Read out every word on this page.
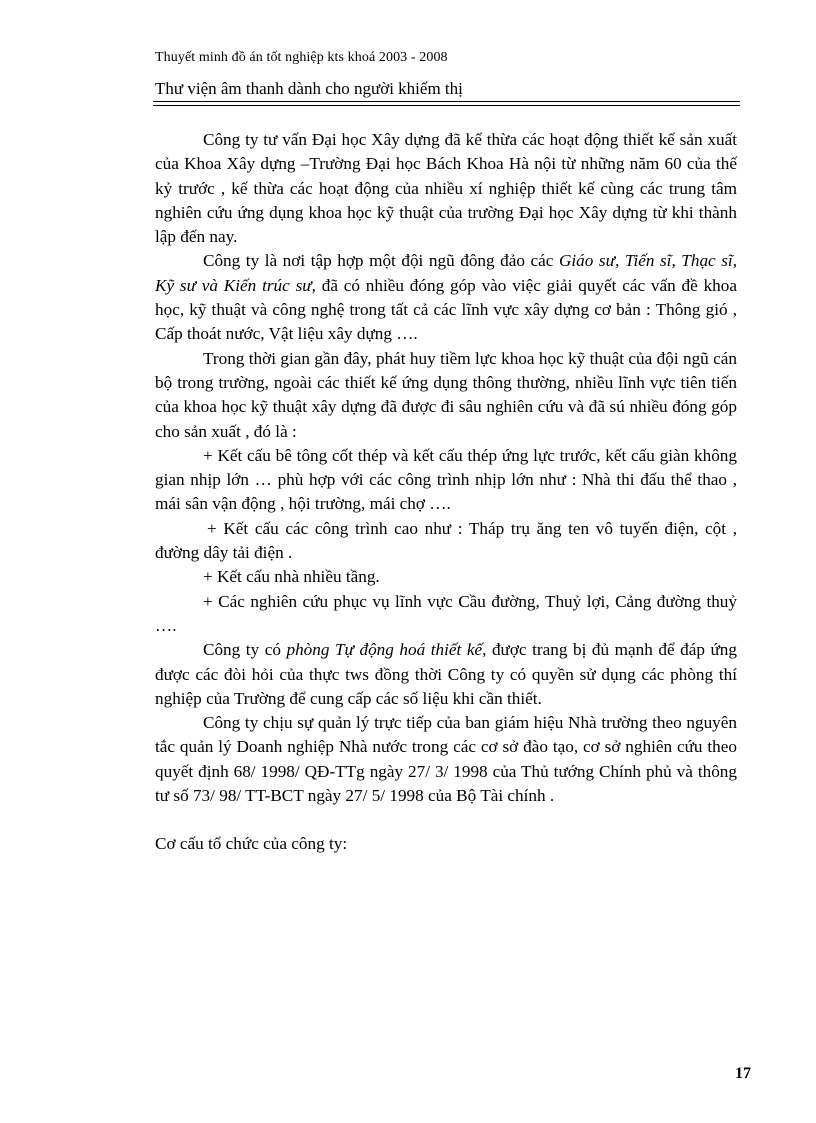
Thuyết minh đồ án tốt nghiệp kts khoá 2003 - 2008
Thư viện âm thanh dành cho người khiếm thị

Công ty tư vấn Đại học Xây dựng đã kế thừa các hoạt động thiết kế sản xuất của Khoa Xây dựng –Trường Đại học Bách Khoa Hà nội từ những năm 60 của thế kỷ trước , kế thừa các hoạt động của nhiều xí nghiệp thiết kế cùng các trung tâm nghiên cứu ứng dụng khoa học kỹ thuật của trường Đại học Xây dựng từ khi thành lập đến nay.

Công ty là nơi tập hợp một đội ngũ đông đảo các Giáo sư, Tiến sĩ, Thạc sĩ, Kỹ sư và Kiến trúc sư, đã có nhiều đóng góp vào việc giải quyết các vấn đề khoa học, kỹ thuật và công nghệ trong tất cả các lĩnh vực xây dựng cơ bản : Thông gió , Cấp thoát nước, Vật liệu xây dựng ….

Trong thời gian gần đây, phát huy tiềm lực khoa học kỹ thuật của đội ngũ cán bộ trong trường, ngoài các thiết kế ứng dụng thông thường, nhiều lĩnh vực tiên tiến của khoa học kỹ thuật xây dựng đã được đi sâu nghiên cứu và đã sú nhiều đóng góp cho sản xuất , đó là :

+ Kết cấu bê tông cốt thép và kết cấu thép ứng lực trước, kết cấu giàn không gian nhịp lớn … phù hợp với các công trình nhịp lớn như : Nhà thi đấu thể thao , mái sân vận động , hội trường, mái chợ ….

+ Kết cấu các công trình cao như : Tháp trụ ăng ten vô tuyến điện, cột , đường dây tải điện .

+ Kết cấu nhà nhiều tầng.

+ Các nghiên cứu phục vụ lĩnh vực Cầu đường, Thuỷ lợi, Cảng đường thuỷ ….

Công ty có phòng Tự động hoá thiết kế, được trang bị đủ mạnh để đáp ứng được các đòi hỏi của thực tws đồng thời Công ty có quyền sử dụng các phòng thí nghiệp của Trường để cung cấp các số liệu khi cần thiết.

Công ty chịu sự quản lý trực tiếp của ban giám hiệu Nhà trường theo nguyên tắc quản lý Doanh nghiệp Nhà nước trong các cơ sở đào tạo, cơ sở nghiên cứu theo quyết định 68/ 1998/ QĐ-TTg ngày 27/ 3/ 1998 của Thủ tướng Chính phủ và thông tư số 73/ 98/ TT-BCT ngày 27/ 5/ 1998 của Bộ Tài chính .

Cơ cấu tổ chức của công ty:
17
